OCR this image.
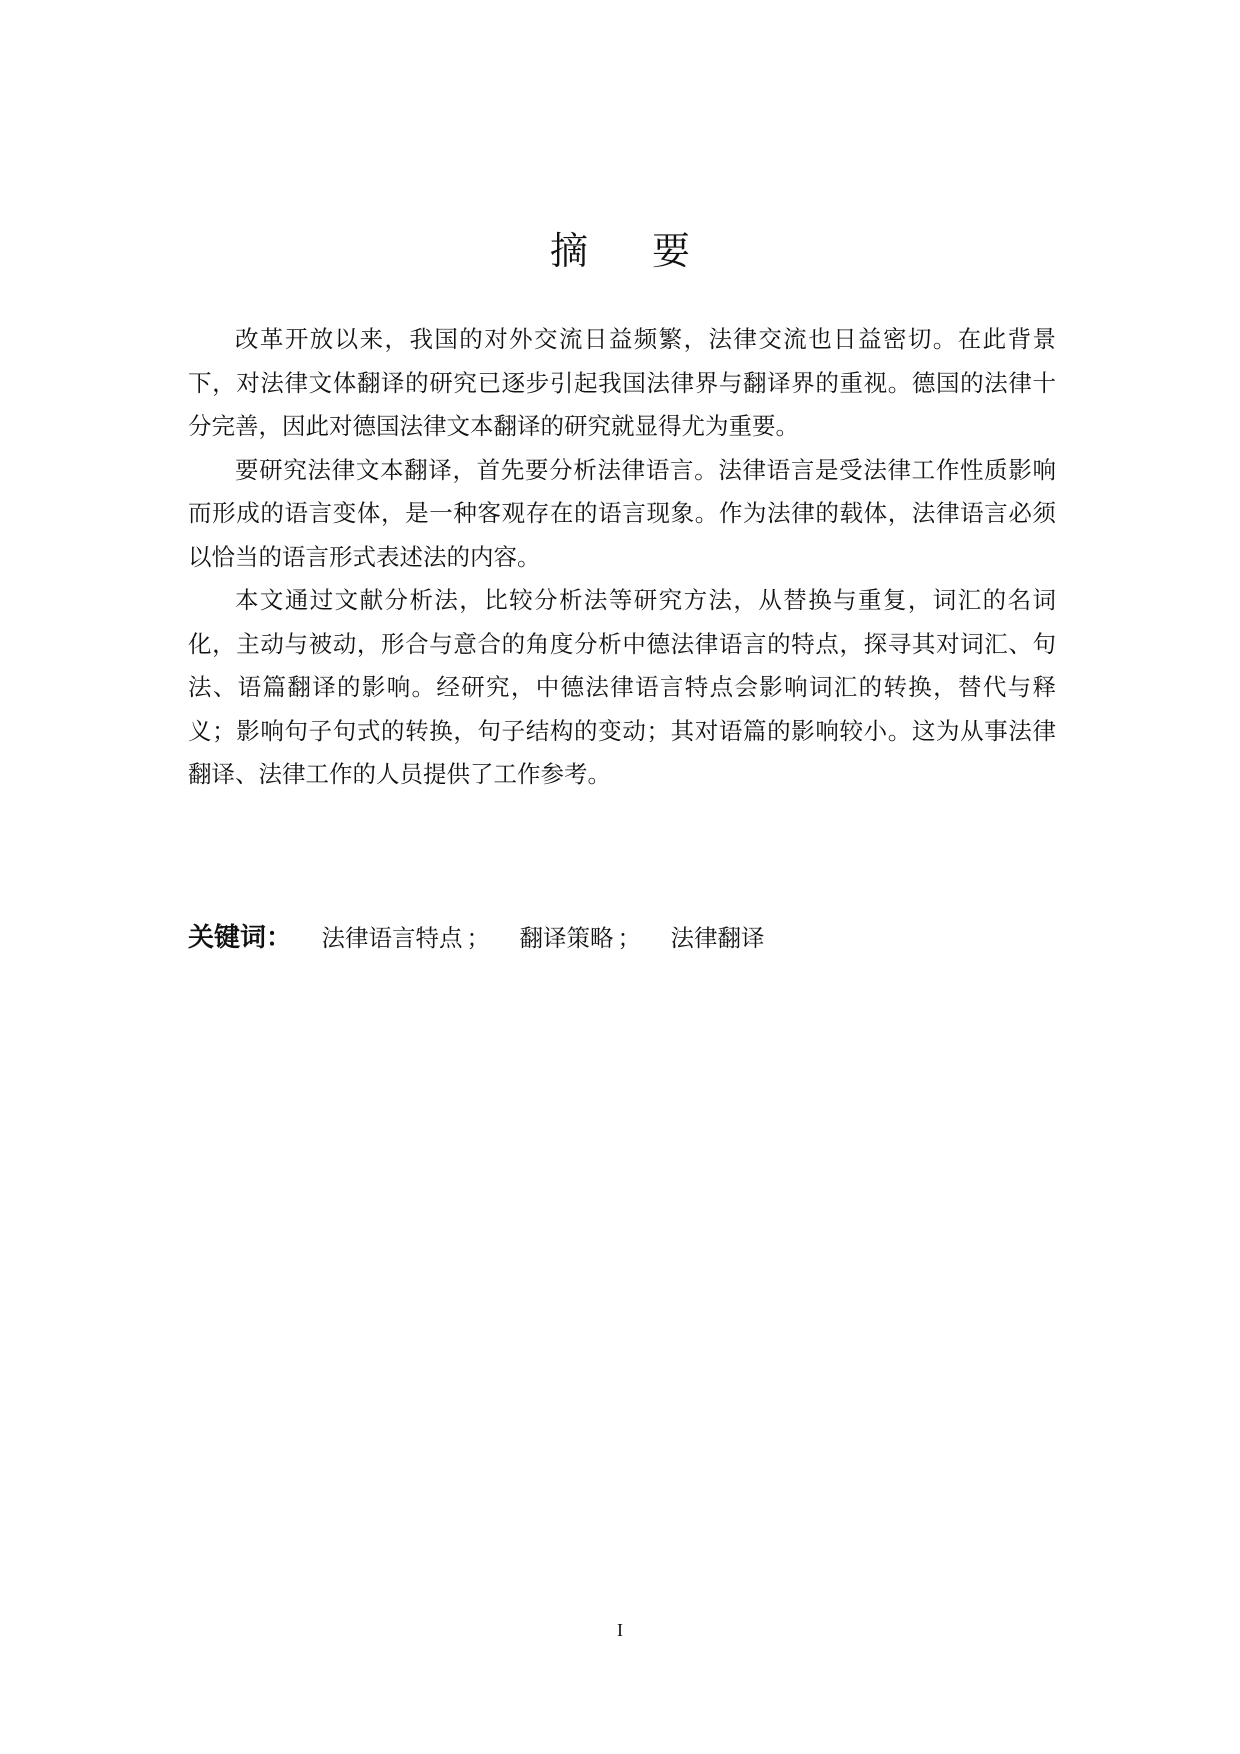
摘要

改革开放以来，我国的对外交流日益频繁，法律交流也日益密切。在此背景下，对法律文体翻译的研究已逐步引起我国法律界与翻译界的重视。德国的法律十分完善，因此对德国法律文本翻译的研究就显得尤为重要。

要研究法律文本翻译，首先要分析法律语言。法律语言是受法律工作性质影响而形成的语言变体，是一种客观存在的语言现象。作为法律的载体，法律语言必须以恰当的语言形式表述法的内容。

本文通过文献分析法，比较分析法等研究方法，从替换与重复，词汇的名词化，主动与被动，形合与意合的角度分析中德法律语言的特点，探寻其对词汇、句法、语篇翻译的影响。经研究，中德法律语言特点会影响词汇的转换，替代与释义；影响句子句式的转换，句子结构的变动；其对语篇的影响较小。这为从事法律翻译、法律工作的人员提供了工作参考。

关键词： 法律语言特点 ； 翻译策略 ； 法律翻译
I
